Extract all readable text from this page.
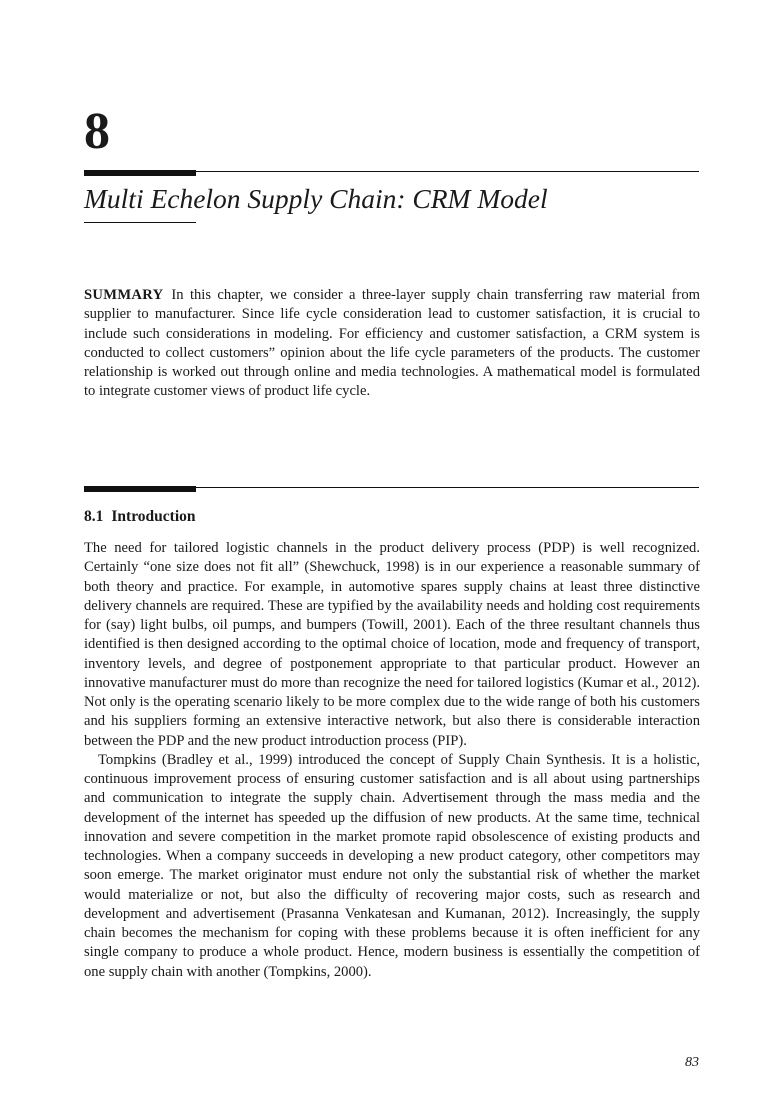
8
Multi Echelon Supply Chain: CRM Model
SUMMARY In this chapter, we consider a three-layer supply chain transferring raw material from supplier to manufacturer. Since life cycle consideration lead to customer satisfaction, it is crucial to include such considerations in modeling. For efficiency and customer satisfaction, a CRM system is conducted to collect customers” opinion about the life cycle parameters of the products. The customer relationship is worked out through online and media technologies. A mathematical model is formulated to integrate customer views of product life cycle.
8.1 Introduction

The need for tailored logistic channels in the product delivery process (PDP) is well recognized. Certainly “one size does not fit all” (Shewchuck, 1998) is in our experience a reasonable summary of both theory and practice. For example, in automotive spares supply chains at least three distinctive delivery channels are required. These are typified by the availability needs and holding cost requirements for (say) light bulbs, oil pumps, and bumpers (Towill, 2001). Each of the three resultant channels thus identified is then designed according to the optimal choice of location, mode and frequency of transport, inventory levels, and degree of postponement appropriate to that particular product. However an innovative manufacturer must do more than recognize the need for tailored logistics (Kumar et al., 2012). Not only is the operating scenario likely to be more complex due to the wide range of both his customers and his suppliers forming an extensive interactive network, but also there is considerable interaction between the PDP and the new product introduction process (PIP).

Tompkins (Bradley et al., 1999) introduced the concept of Supply Chain Synthesis. It is a holistic, continuous improvement process of ensuring customer satisfaction and is all about using partnerships and communication to integrate the supply chain. Advertisement through the mass media and the development of the internet has speeded up the diffusion of new products. At the same time, technical innovation and severe competition in the market promote rapid obsolescence of existing products and technologies. When a company succeeds in developing a new product category, other competitors may soon emerge. The market originator must endure not only the substantial risk of whether the market would materialize or not, but also the difficulty of recovering major costs, such as research and development and advertisement (Prasanna Venkatesan and Kumanan, 2012). Increasingly, the supply chain becomes the mechanism for coping with these problems because it is often inefficient for any single company to produce a whole product. Hence, modern business is essentially the competition of one supply chain with another (Tompkins, 2000).

83
